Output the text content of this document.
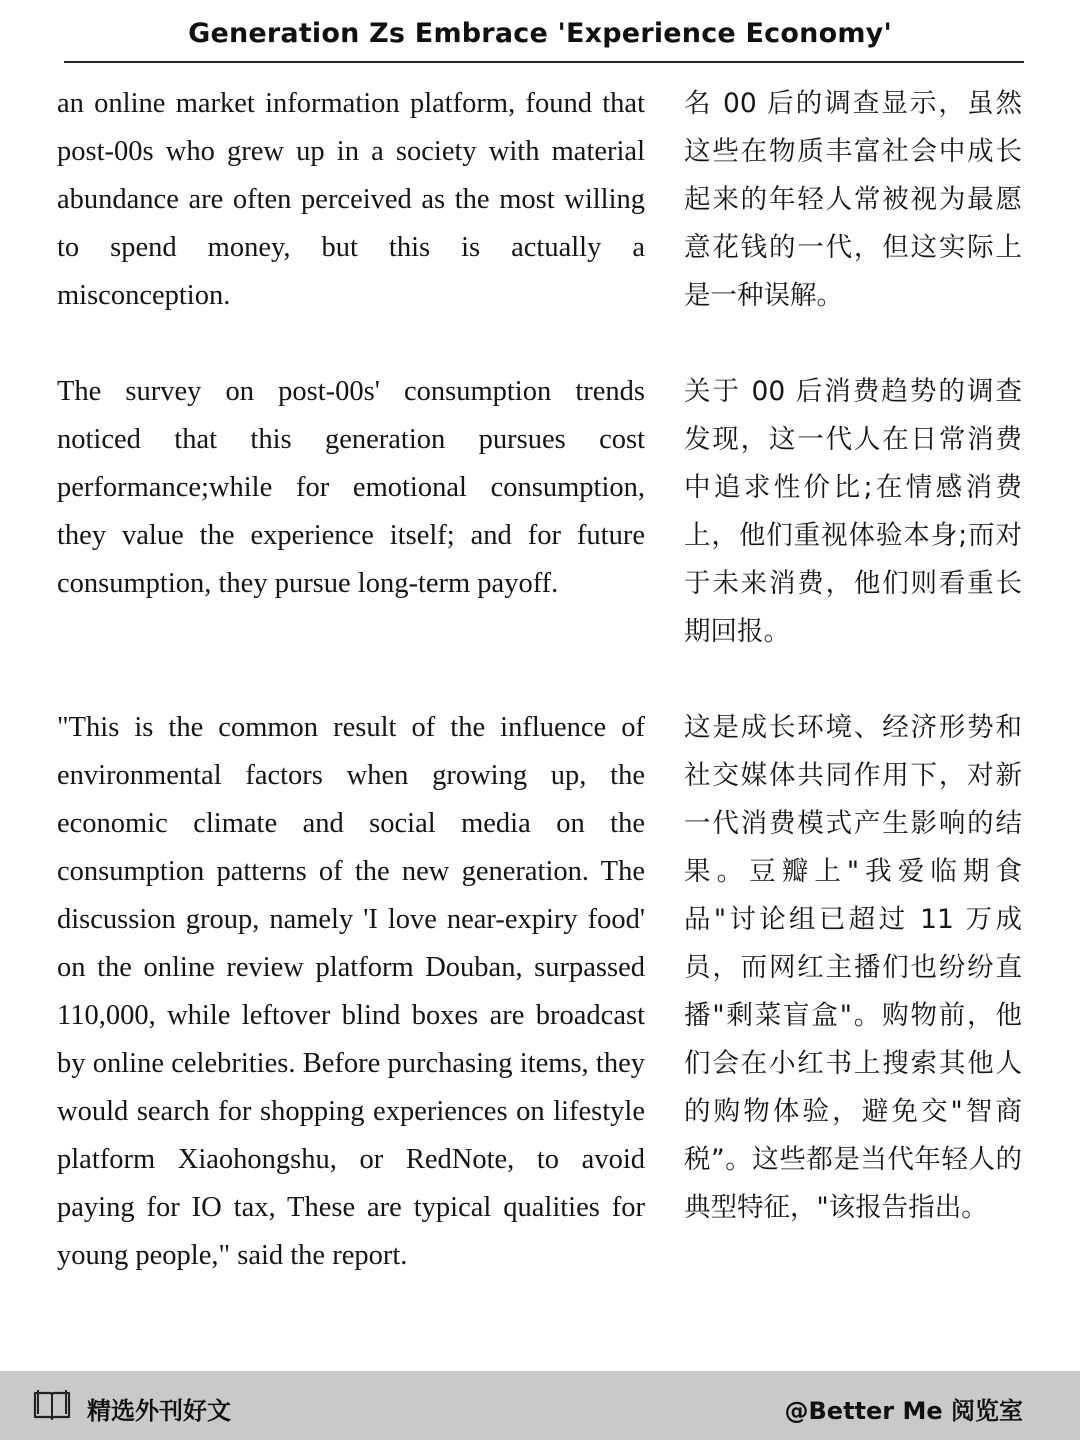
Generation Zs Embrace 'Experience Economy'
an online market information platform, found that post-00s who grew up in a society with material abundance are often perceived as the most willing to spend money, but this is actually a misconception.
名 00 后的调查显示，虽然这些在物质丰富社会中成长起来的年轻人常被视为最愿意花钱的一代，但这实际上是一种误解。
The survey on post-00s' consumption trends noticed that this generation pursues cost performance;while for emotional consumption, they value the experience itself; and for future consumption, they pursue long-term payoff.
关于 00 后消费趋势的调查发现，这一代人在日常消费中追求性价比;在情感消费上，他们重视体验本身;而对于未来消费，他们则看重长期回报。
"This is the common result of the influence of environmental factors when growing up, the economic climate and social media on the consumption patterns of the new generation. The discussion group, namely 'I love near-expiry food' on the online review platform Douban, surpassed 110,000, while leftover blind boxes are broadcast by online celebrities. Before purchasing items, they would search for shopping experiences on lifestyle platform Xiaohongshu, or RedNote, to avoid paying for IO tax, These are typical qualities for young people," said the report.
这是成长环境、经济形势和社交媒体共同作用下，对新一代消费模式产生影响的结果。豆瓣上"我爱临期食品"讨论组已超过 11 万成员，而网红主播们也纷纷直播"剩菜盲盒"。购物前，他们会在小红书上搜索其他人的购物体验，避免交"智商税”。这些都是当代年轻人的典型特征，"该报告指出。
精选外刊好文	@Better Me 阅览室
